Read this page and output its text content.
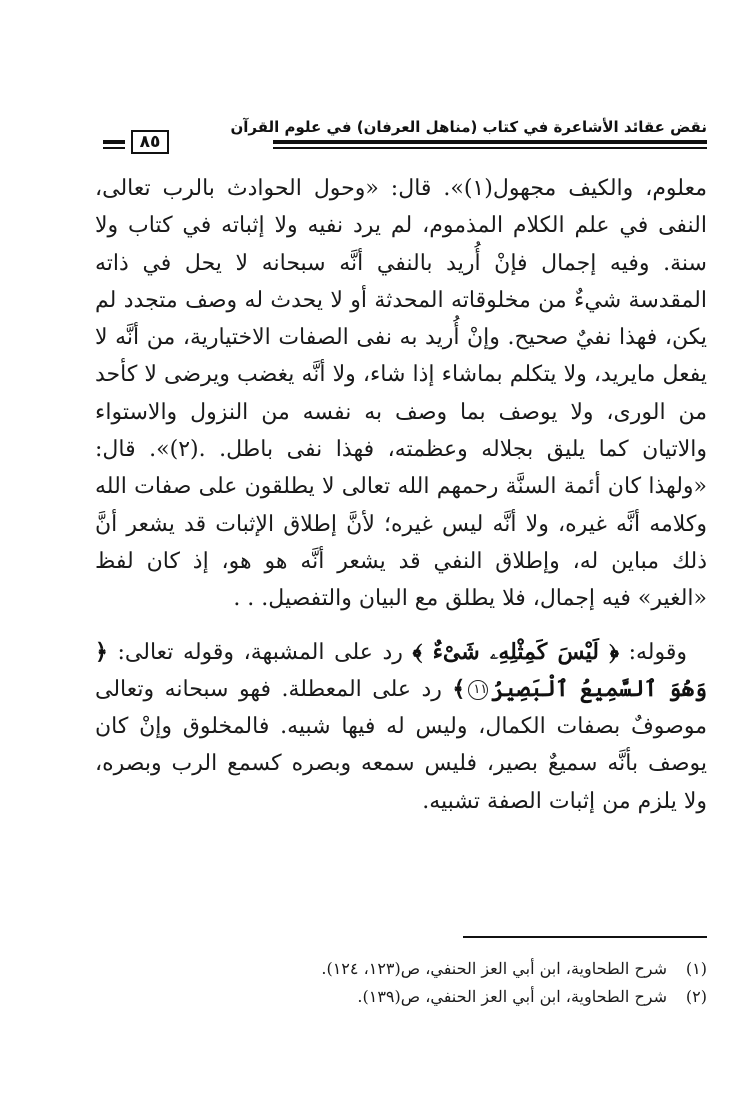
نقض عقائد الأشاعرة في كتاب (مناهل العرفان) في علوم القرآن
٨٥

معلوم، والكيف مجهول(١)». قال: «وحول الحوادث بالرب تعالى، النفى في علم الكلام المذموم، لم يرد نفيه ولا إثباته في كتاب ولا سنة. وفيه إجمال فإنْ أُريد بالنفي أنَّه سبحانه لا يحل في ذاته المقدسة شيءٌ من مخلوقاته المحدثة أو لا يحدث له وصف متجدد لم يكن، فهذا نفيٌ صحيح. وإنْ أُريد به نفى الصفات الاختيارية، من أنَّه لا يفعل مايريد، ولا يتكلم بماشاء إذا شاء، ولا أنَّه يغضب ويرضى لا كأحد من الورى، ولا يوصف بما وصف به نفسه من النزول والاستواء والاتيان كما يليق بجلاله وعظمته، فهذا نفى باطل. .(٢)». قال: «ولهذا كان أئمة السنَّة رحمهم الله تعالى لا يطلقون على صفات الله وكلامه أنَّه غيره، ولا أنَّه ليس غيره؛ لأنَّ إطلاق الإثبات قد يشعر أنَّ ذلك مباين له، وإطلاق النفي قد يشعر أنَّه هو هو، إذ كان لفظ «الغير» فيه إجمال، فلا يطلق مع البيان والتفصيل. . .

وقوله: ﴿ لَيْسَ كَمِثْلِهِۦ شَىْءٌ ﴾ رد على المشبهة، وقوله تعالى: ﴿ وَهُوَ ٱلسَّمِيعُ ٱلْبَصِيرُ١١﴾ رد على المعطلة. فهو سبحانه وتعالى موصوفٌ بصفات الكمال، وليس له فيها شبيه. فالمخلوق وإنْ كان يوصف بأنَّه سميعٌ بصير، فليس سمعه وبصره كسمع الرب وبصره، ولا يلزم من إثبات الصفة تشبيه.

(١)شرح الطحاوية، ابن أبي العز الحنفي، ص(١٢٣، ١٢٤).
(٢)شرح الطحاوية، ابن أبي العز الحنفي، ص(١٣٩).
